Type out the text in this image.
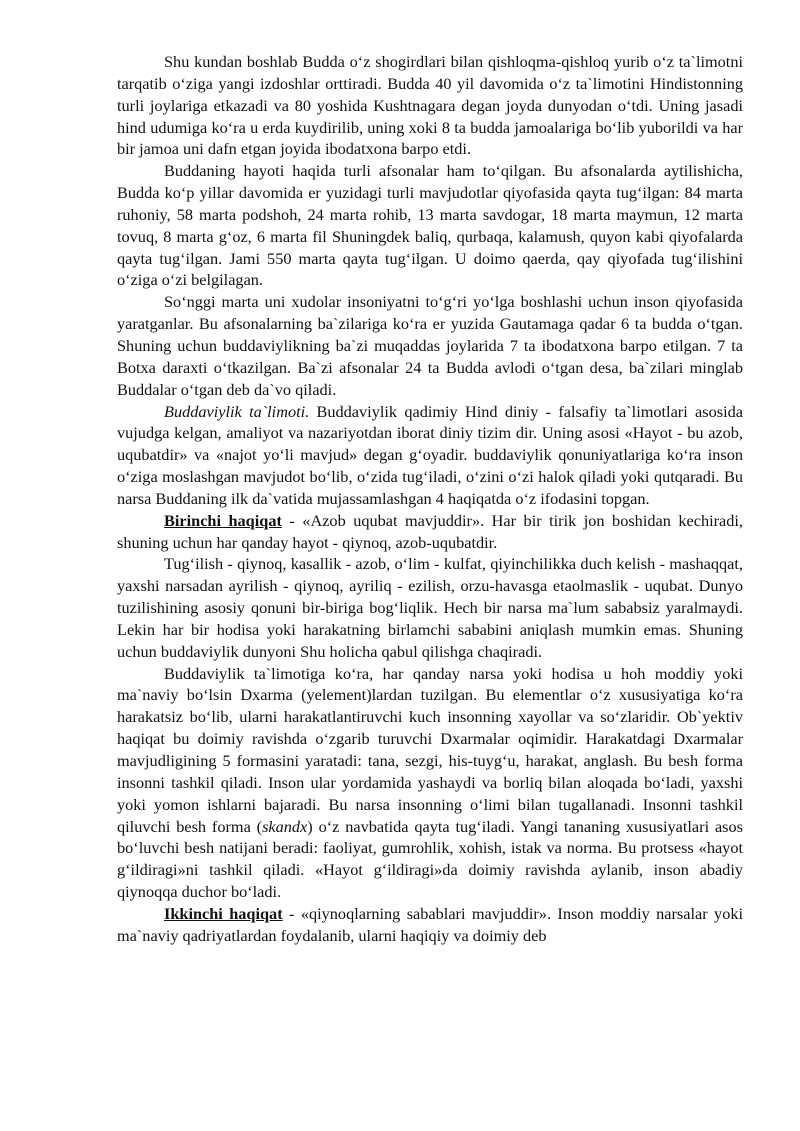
Shu kundan boshlab Budda o‘z shogirdlari bilan qishloqma-qishloq yurib o‘z ta`limotni tarqatib o‘ziga yangi izdoshlar orttiradi. Budda 40 yil davomida o‘z ta`limotini Hindistonning turli joylariga etkazadi va 80 yoshida Kushtnagara degan joyda dunyodan o‘tdi. Uning jasadi hind udumiga ko‘ra u erda kuydirilib, uning xoki 8 ta budda jamoalariga bo‘lib yuborildi va har bir jamoa uni dafn etgan joyida ibodatxona barpo etdi.

Buddaning hayoti haqida turli afsonalar ham to‘qilgan. Bu afsonalarda aytilishicha, Budda ko‘p yillar davomida er yuzidagi turli mavjudotlar qiyofasida qayta tug‘ilgan: 84 marta ruhoniy, 58 marta podshoh, 24 marta rohib, 13 marta savdogar, 18 marta maymun, 12 marta tovuq, 8 marta g‘oz, 6 marta fil Shuningdek baliq, qurbaqa, kalamush, quyon kabi qiyofalarda qayta tug‘ilgan. Jami 550 marta qayta tug‘ilgan. U doimo qaerda, qay qiyofada tug‘ilishini o‘ziga o‘zi belgilagan.

So‘nggi marta uni xudolar insoniyatni to‘g‘ri yo‘lga boshlashi uchun inson qiyofasida yaratganlar. Bu afsonalarning ba`zilariga ko‘ra er yuzida Gautamaga qadar 6 ta budda o‘tgan. Shuning uchun buddaviylikning ba`zi muqaddas joylarida 7 ta ibodatxona barpo etilgan. 7 ta Botxa daraxti o‘tkazilgan. Ba`zi afsonalar 24 ta Budda avlodi o‘tgan desa, ba`zilari minglab Buddalar o‘tgan deb da`vo qiladi.

Buddaviylik ta`limoti. Buddaviylik qadimiy Hind diniy - falsafiy ta`limotlari asosida vujudga kelgan, amaliyot va nazariyotdan iborat diniy tizim dir. Uning asosi «Hayot - bu azob, uqubatdir» va «najot yo‘li mavjud» degan g‘oyadir. buddaviylik qonuniyatlariga ko‘ra inson o‘ziga moslashgan mavjudot bo‘lib, o‘zida tug‘iladi, o‘zini o‘zi halok qiladi yoki qutqaradi. Bu narsa Buddaning ilk da`vatida mujassamlashgan 4 haqiqatda o‘z ifodasini topgan.

Birinchi haqiqat - «Azob uqubat mavjuddir». Har bir tirik jon boshidan kechiradi, shuning uchun har qanday hayot - qiynoq, azob-uqubatdir.

Tug‘ilish - qiynoq, kasallik - azob, o‘lim - kulfat, qiyinchilikka duch kelish - mashaqqat, yaxshi narsadan ayrilish - qiynoq, ayriliq - ezilish, orzu-havasga etaolmaslik - uqubat. Dunyo tuzilishining asosiy qonuni bir-biriga bog‘liqlik. Hech bir narsa ma`lum sababsiz yaralmaydi. Lekin har bir hodisa yoki harakatning birlamchi sababini aniqlash mumkin emas. Shuning uchun buddaviylik dunyoni Shu holicha qabul qilishga chaqiradi.

Buddaviylik ta`limotiga ko‘ra, har qanday narsa yoki hodisa u hoh moddiy yoki ma`naviy bo‘lsin Dxarma (yelement)lardan tuzilgan. Bu elementlar o‘z xususiyatiga ko‘ra harakatsiz bo‘lib, ularni harakatlantiruvchi kuch insonning xayollar va so‘zlaridir. Ob`yektiv haqiqat bu doimiy ravishda o‘zgarib turuvchi Dxarmalar oqimidir. Harakatdagi Dxarmalar mavjudligining 5 formasini yaratadi: tana, sezgi, his-tuyg‘u, harakat, anglash. Bu besh forma insonni tashkil qiladi. Inson ular yordamida yashaydi va borliq bilan aloqada bo‘ladi, yaxshi yoki yomon ishlarni bajaradi. Bu narsa insonning o‘limi bilan tugallanadi. Insonni tashkil qiluvchi besh forma (skandx) o‘z navbatida qayta tug‘iladi. Yangi tananing xususiyatlari asos bo‘luvchi besh natijani beradi: faoliyat, gumrohlik, xohish, istak va norma. Bu protsess «hayot g‘ildiragi»ni tashkil qiladi. «Hayot g‘ildiragi»da doimiy ravishda aylanib, inson abadiy qiynoqqa duchor bo‘ladi.

Ikkinchi haqiqat - «qiynoqlarning sabablari mavjuddir». Inson moddiy narsalar yoki ma`naviy qadriyatlardan foydalanib, ularni haqiqiy va doimiy deb
